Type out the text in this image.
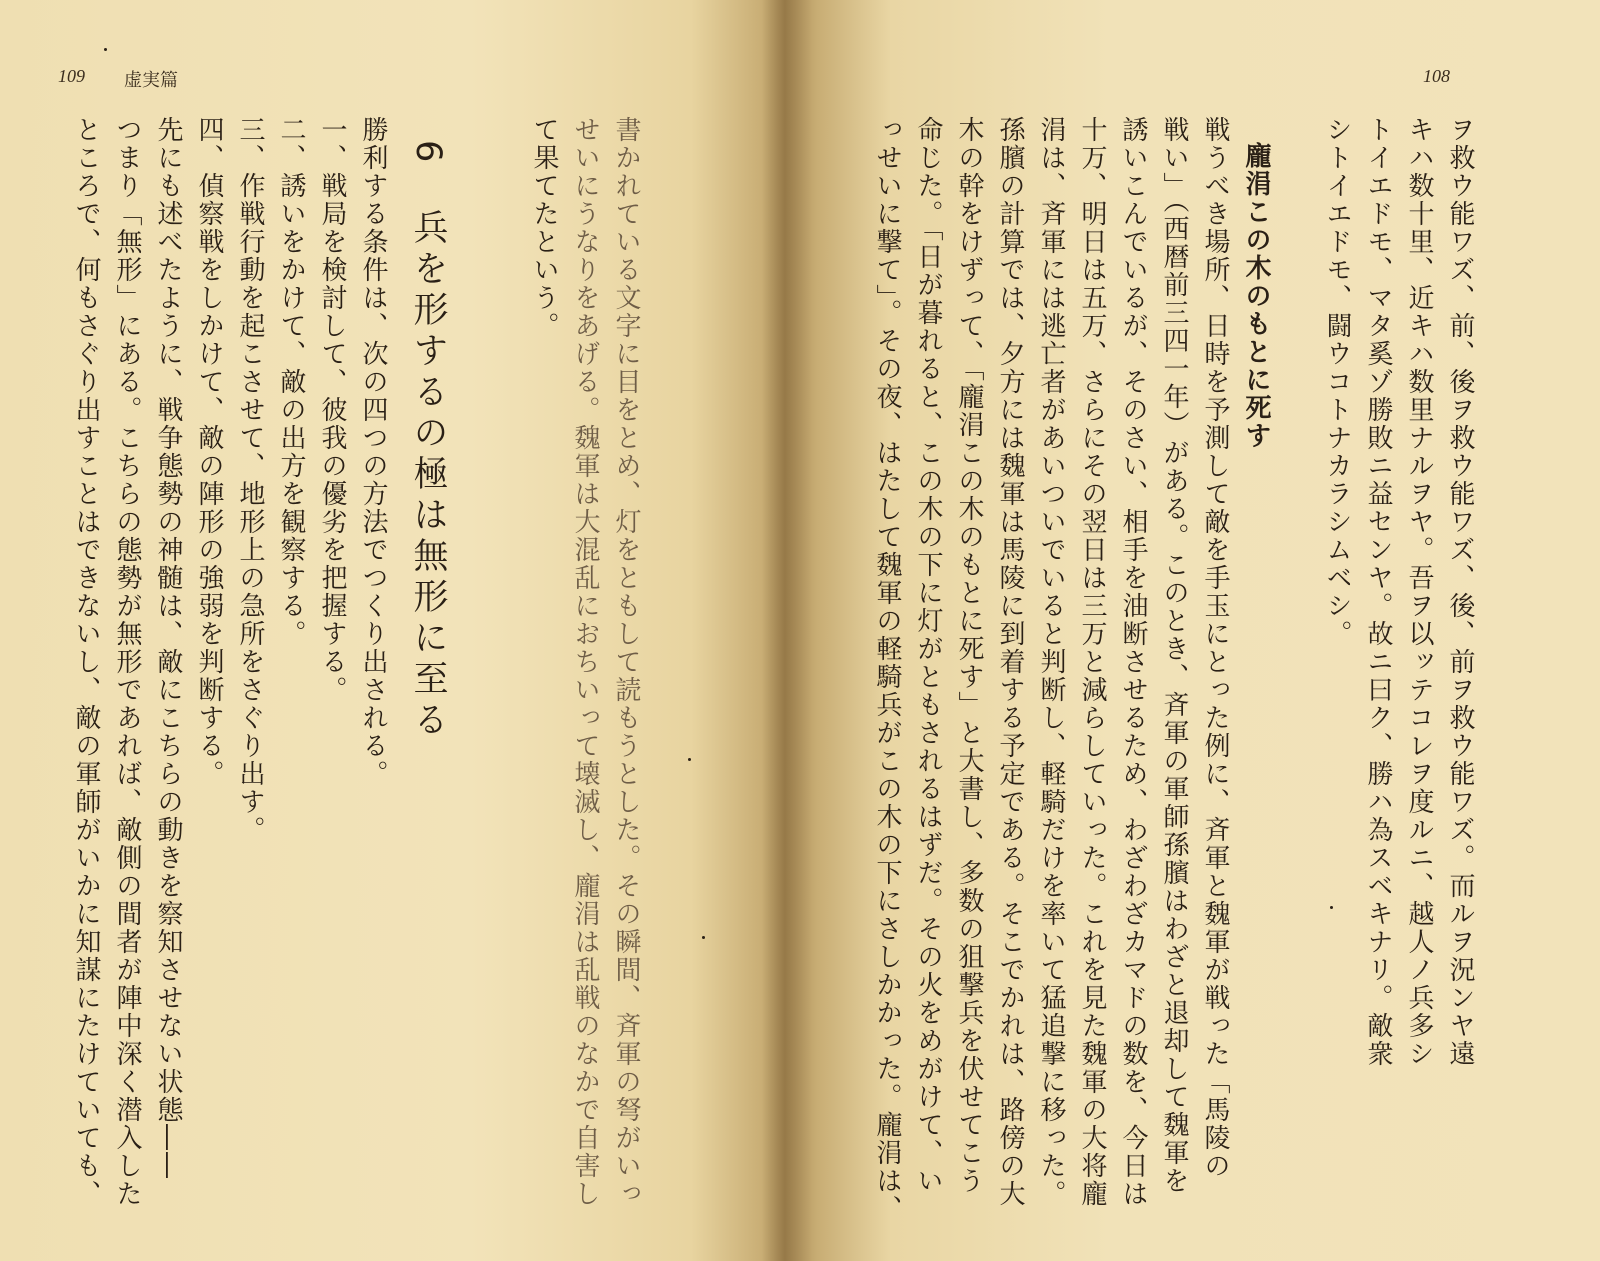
109 虚実篇
書かれている文字に目をとめ、灯をともして読もうとした。その瞬間、斉軍の弩がいっ
せいにうなりをあげる。魏軍は大混乱におちいって壊滅し、龐涓は乱戦のなかで自害し
て果てたという。
6　兵を形するの極は無形に至る
勝利する条件は、次の四つの方法でつくり出される。
一、戦局を検討して、彼我の優劣を把握する。
二、誘いをかけて、敵の出方を観察する。
三、作戦行動を起こさせて、地形上の急所をさぐり出す。
四、偵察戦をしかけて、敵の陣形の強弱を判断する。
先にも述べたように、戦争態勢の神髄は、敵にこちらの動きを察知させない状態――
つまり「無形」にある。こちらの態勢が無形であれば、敵側の間者が陣中深く潜入した
ところで、何もさぐり出すことはできないし、敵の軍師がいかに知謀にたけていても、
108
ヲ救ウ能ワズ、前、後ヲ救ウ能ワズ、後、前ヲ救ウ能ワズ。而ルヲ況ンヤ遠
キハ数十里、近キハ数里ナルヲヤ。吾ヲ以ッテコレヲ度ルニ、越人ノ兵多シ
トイエドモ、マタ奚ゾ勝敗ニ益センヤ。故ニ曰ク、勝ハ為スベキナリ。敵衆
シトイエドモ、闘ウコトナカラシムベシ。
龐涓この木のもとに死す
戦うべき場所、日時を予測して敵を手玉にとった例に、斉軍と魏軍が戦った「馬陵の
戦い」（西暦前三四一年）がある。このとき、斉軍の軍師孫臏はわざと退却して魏軍を
誘いこんでいるが、そのさい、相手を油断させるため、わざわざカマドの数を、今日は
十万、明日は五万、さらにその翌日は三万と減らしていった。これを見た魏軍の大将龐
涓は、斉軍には逃亡者があいついでいると判断し、軽騎だけを率いて猛追撃に移った。
孫臏の計算では、夕方には魏軍は馬陵に到着する予定である。そこでかれは、路傍の大
木の幹をけずって、「龐涓この木のもとに死す」と大書し、多数の狙撃兵を伏せてこう
命じた。「日が暮れると、この木の下に灯がともされるはずだ。その火をめがけて、い
っせいに撃て」。その夜、はたして魏軍の軽騎兵がこの木の下にさしかかった。龐涓は、
